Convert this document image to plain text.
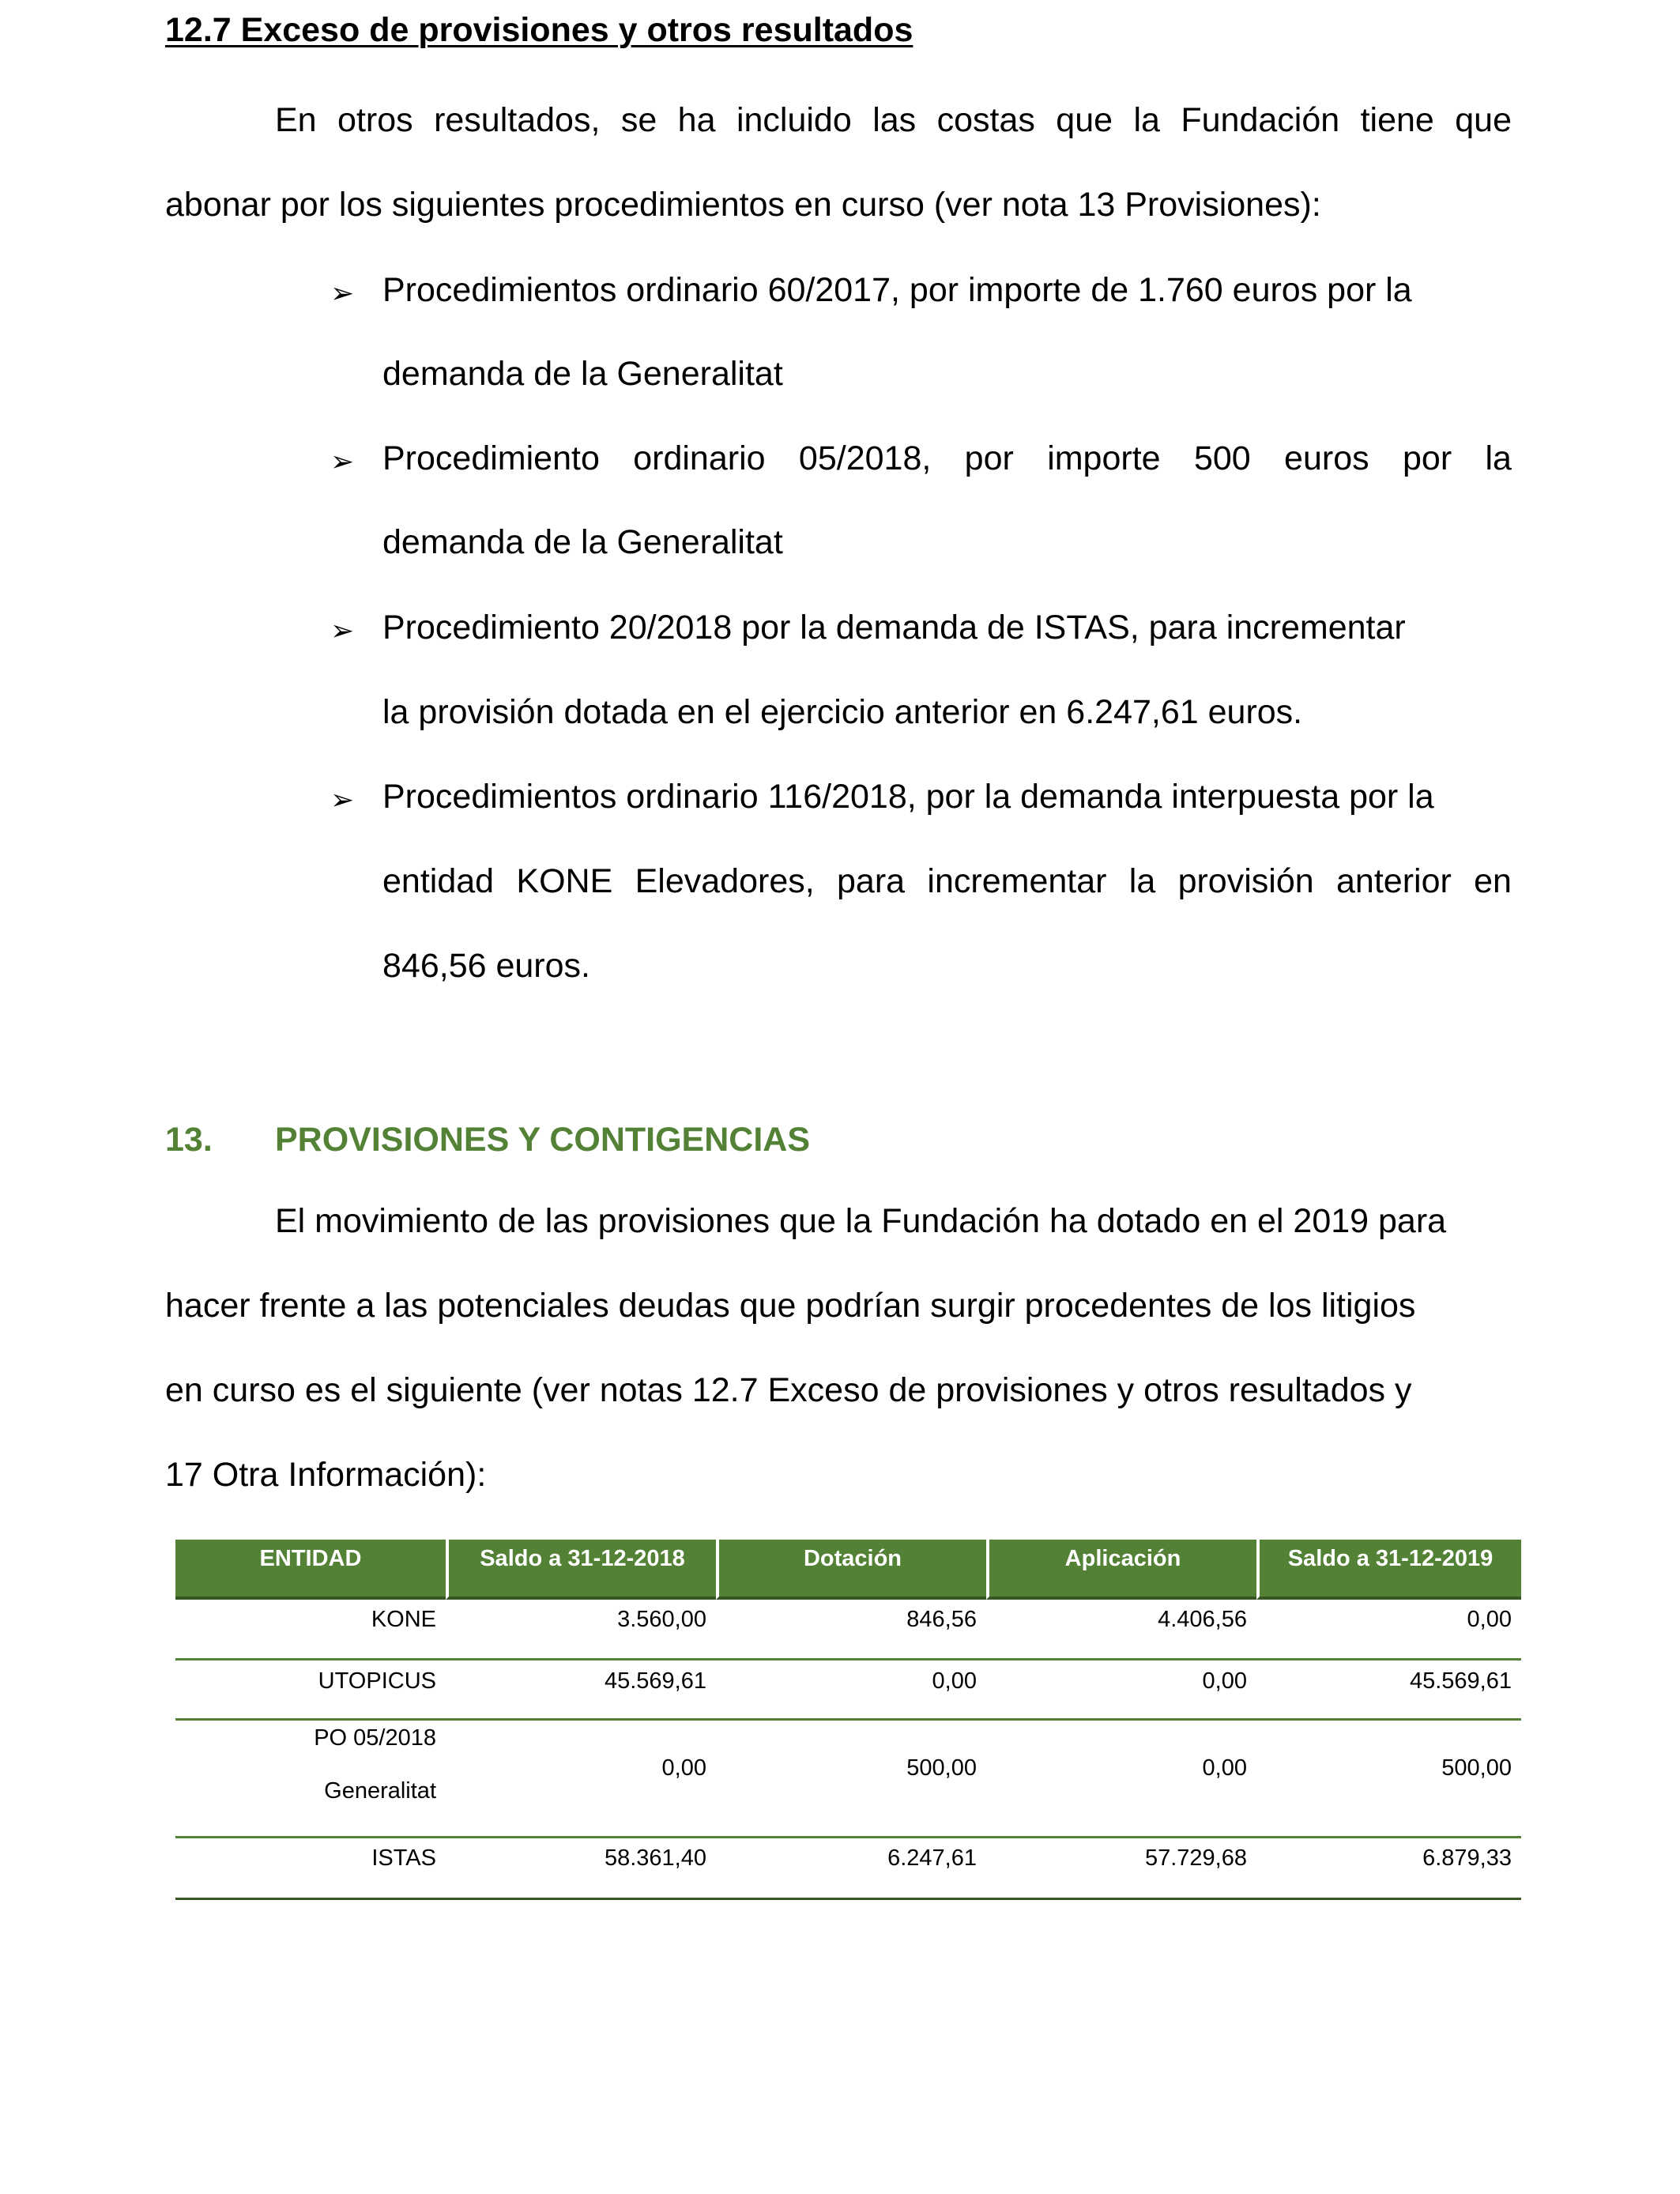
12.7 Exceso de provisiones y otros resultados
En otros resultados, se ha incluido las costas que la Fundación tiene que
abonar por los siguientes procedimientos en curso (ver nota 13 Provisiones):
➢ Procedimientos ordinario 60/2017, por importe de 1.760 euros por la
demanda de la Generalitat
➢ Procedimiento ordinario 05/2018, por importe 500 euros por la
demanda de la Generalitat
➢ Procedimiento 20/2018 por la demanda de ISTAS, para incrementar
la provisión dotada en el ejercicio anterior en 6.247,61 euros.
➢ Procedimientos ordinario 116/2018, por la demanda interpuesta por la
entidad KONE Elevadores, para incrementar la provisión anterior en
846,56 euros.
13. PROVISIONES Y CONTIGENCIAS
El movimiento de las provisiones que la Fundación ha dotado en el 2019 para
hacer frente a las potenciales deudas que podrían surgir procedentes de los litigios
en curso es el siguiente (ver notas 12.7 Exceso de provisiones y otros resultados y
17 Otra Información):
ENTIDAD	Saldo a 31-12-2018	Dotación	Aplicación	Saldo a 31-12-2019
KONE	3.560,00	846,56	4.406,56	0,00
UTOPICUS	45.569,61	0,00	0,00	45.569,61
PO 05/2018
Generalitat
0,00	500,00	0,00	500,00
ISTAS	58.361,40	6.247,61	57.729,68	6.879,33
